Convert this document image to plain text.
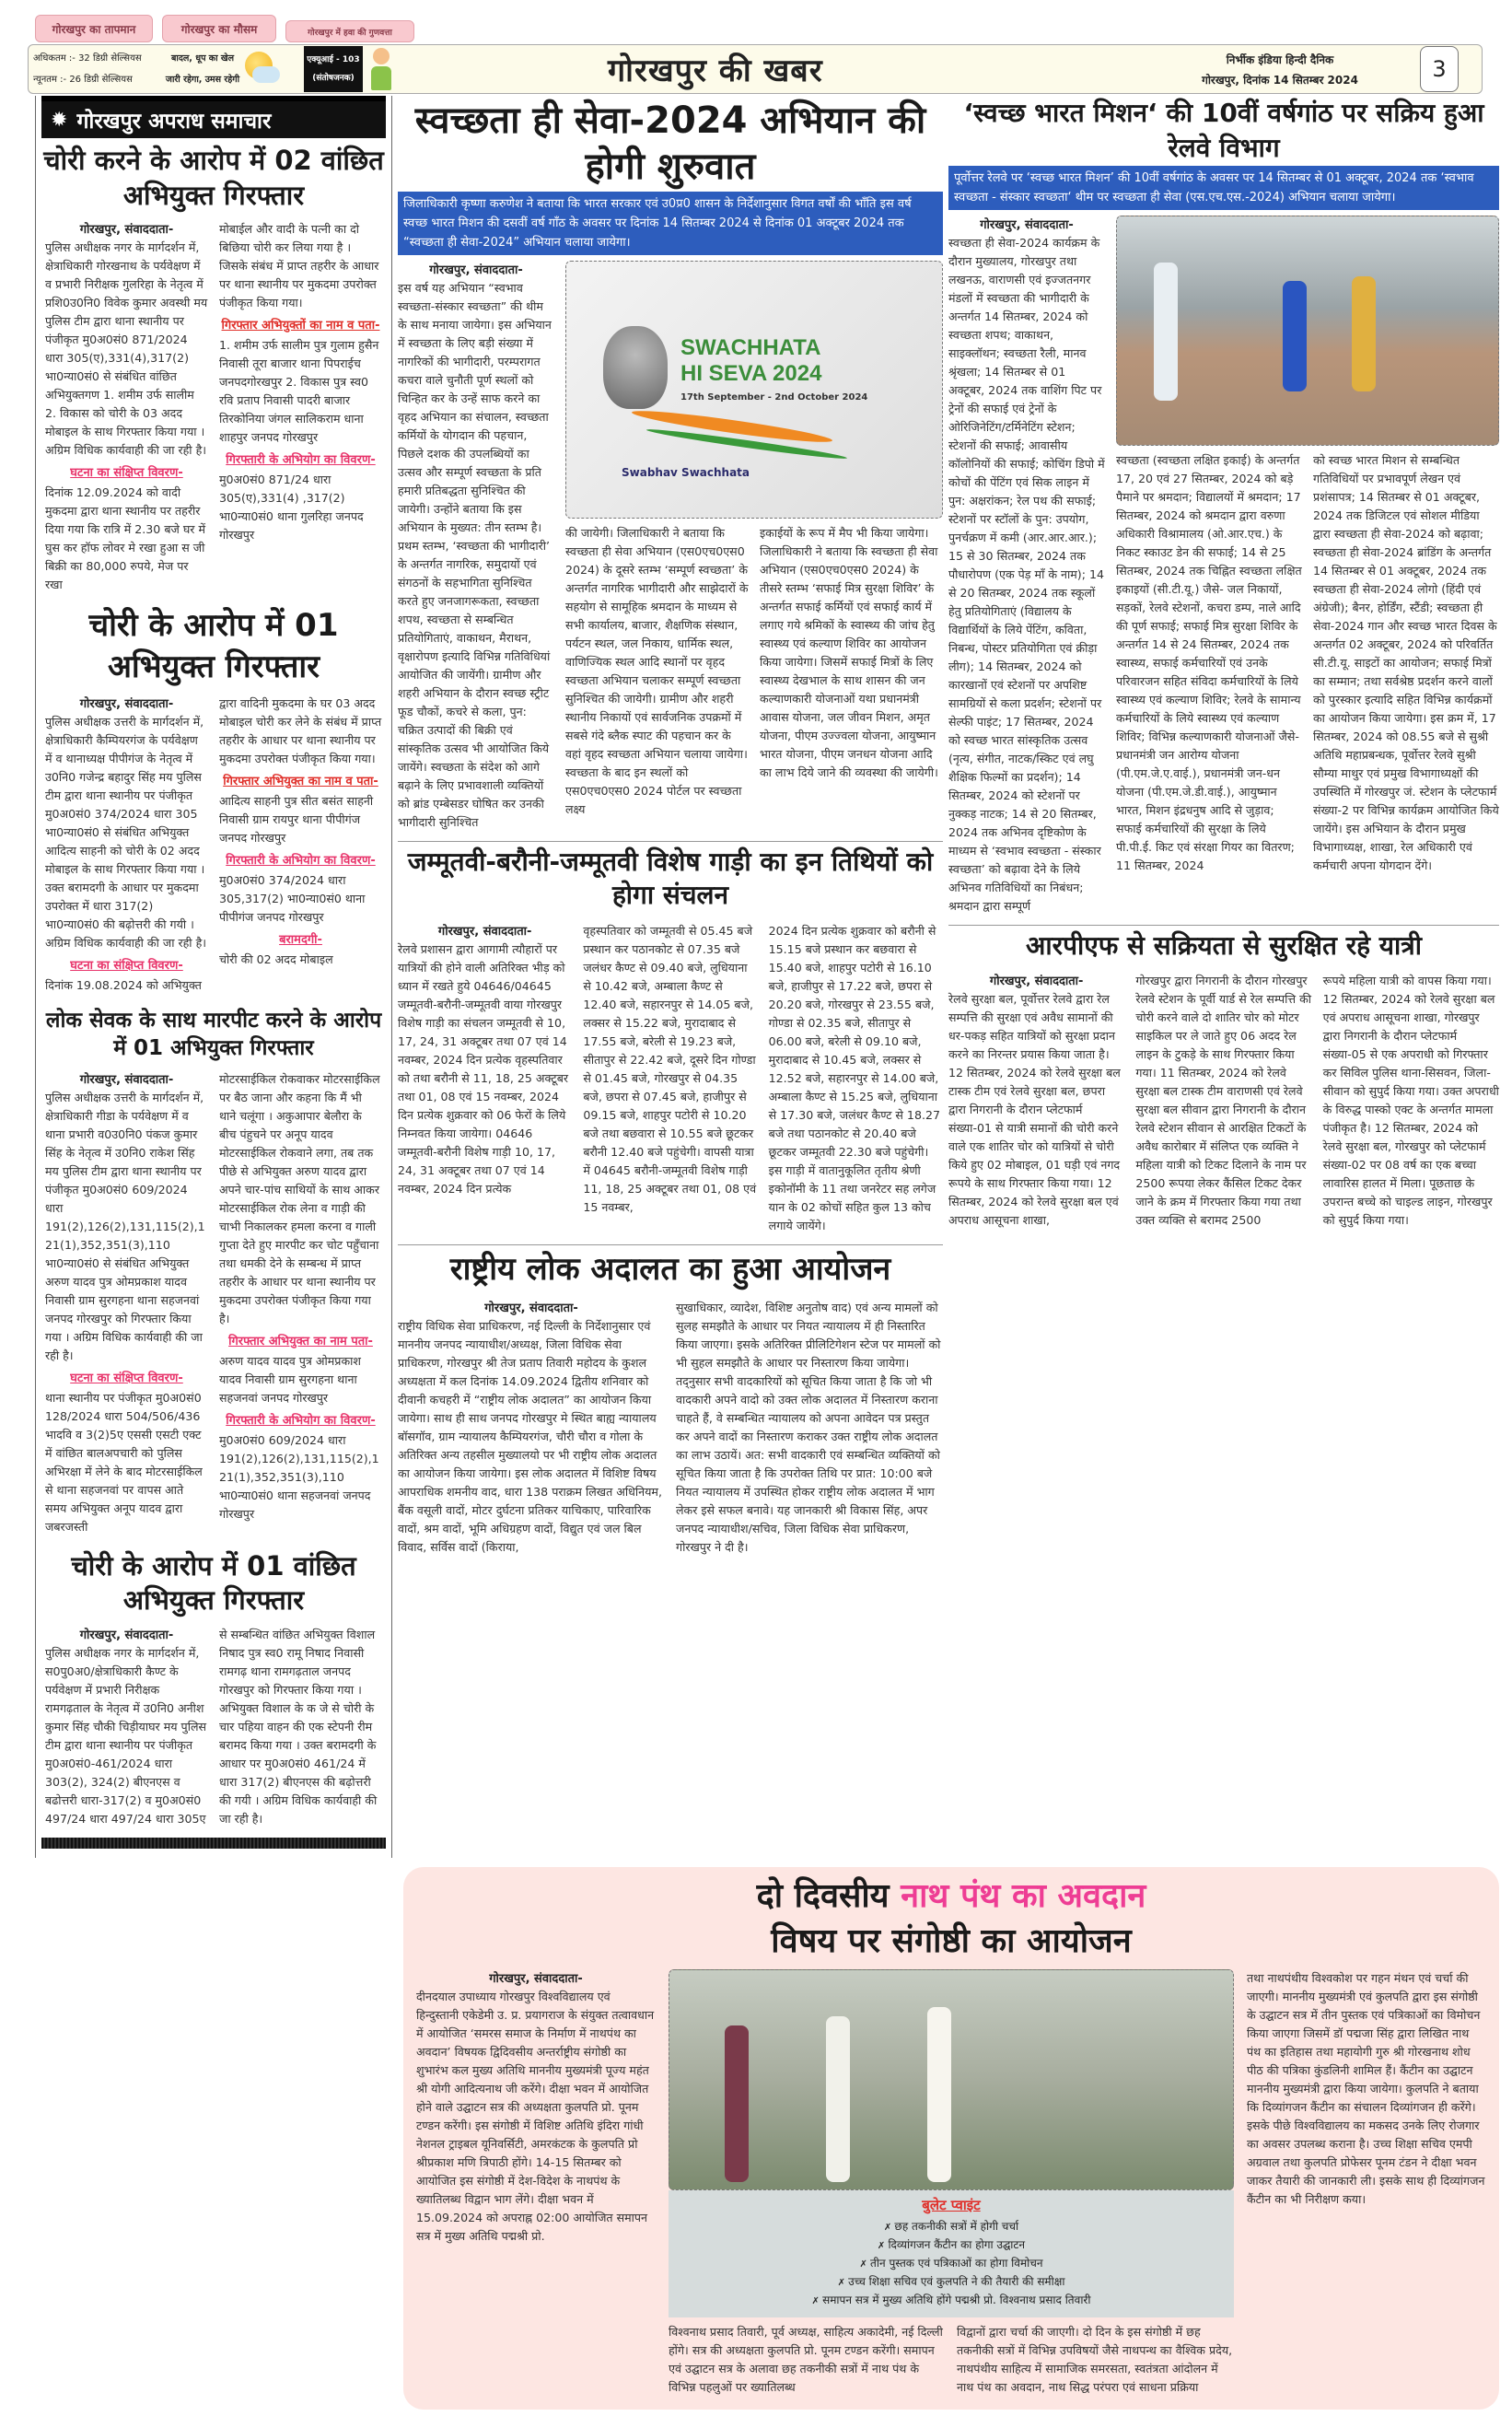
गोरखपुर का तापमान	गोरखपुर का मौसम	गोरखपुर में हवा की गुणवत्ता
अधिकतम :- 32 डिग्री सेल्सियस
न्यूनतम :- 26 डिग्री सेल्सियस
बादल, धूप का खेल जारी रहेगा, उमस रहेगी
एक्यूआई - 103
(संतोषजनक)	गोरखपुर की खबर	निर्भीक इंडिया हिन्दी दैनिक
गोरखपुर, दिनांक 14 सितम्बर 2024	3
✹ गोरखपुर अपराध समाचार
चोरी करने के आरोप में 02 वांछित अभियुक्त गिरफ्तार
गोरखपुर, संवाददाता-

पुलिस अधीक्षक नगर के मार्गदर्शन में, क्षेत्राधिकारी गोरखनाथ के पर्यवेक्षण में व प्रभारी निरीक्षक गुलरिहा के नेतृत्व में प्रशि0उ0नि0 विवेक कुमार अवस्थी मय पुलिस टीम द्वारा थाना स्थानीय पर पंजीकृत मु0अ0सं0 871/2024 धारा 305(ए),331(4),317(2) भा0न्या0सं0 से संबंधित वांछित अभियुक्तगण 1. शमीम उर्फ सालीम 2. विकास को चोरी के 03 अदद मोबाइल के साथ गिरफ्तार किया गया । अग्रिम विधिक कार्यवाही की जा रही है।

घटना का संक्षिप्त विवरण-

दिनांक 12.09.2024 को वादी मुकदमा द्वारा थाना स्थानीय पर तहरीर दिया गया कि रात्रि में 2.30 बजे घर में घुस कर हॉफ लोवर मे रखा हुआ स जी बिक्री का 80,000 रुपये, मेज पर रखा

मोबाईल और वादी के पत्नी का दो बिछिया चोरी कर लिया गया है । जिसके संबंध में प्राप्त तहरीर के आधार पर थाना स्थानीय पर मुकदमा उपरोक्त पंजीकृत किया गया।

गिरफ्तार अभियुक्तों का नाम व पता-

1. शमीम उर्फ सालीम पुत्र गुलाम हुसैन निवासी तूरा बाजार थाना पिपराईच जनपदगोरखपुर 2. विकास पुत्र स्व0 रवि प्रताप निवासी पादरी बाजार तिरकोनिया जंगल सालिकराम धाना शाहपुर जनपद गोरखपुर

गिरफ्तारी के अभियोग का विवरण-

मु0अ0सं0 871/24 धारा 305(ए),331(4) ,317(2) भा0न्या0सं0 थाना गुलरिहा जनपद गोरखपुर

चोरी के आरोप में 01 अभियुक्त गिरफ्तार
गोरखपुर, संवाददाता-

पुलिस अधीक्षक उत्तरी के मार्गदर्शन में, क्षेत्राधिकारी कैम्पियरगंज के पर्यवेक्षण में व थानाध्यक्ष पीपीगंज के नेतृत्व में उ0नि0 गजेन्द्र बहादुर सिंह मय पुलिस टीम द्वारा थाना स्थानीय पर पंजीकृत मु0अ0सं0 374/2024 धारा 305 भा0न्या0सं0 से संबंधित अभियुक्त आदित्य साहनी को चोरी के 02 अदद मोबाइल के साथ गिरफ्तार किया गया । उक्त बरामदगी के आधार पर मुकदमा उपरोक्त में धारा 317(2) भा0न्या0सं0 की बढ़ोत्तरी की गयी । अग्रिम विधिक कार्यवाही की जा रही है।

घटना का संक्षिप्त विवरण-

दिनांक 19.08.2024 को अभियुक्त

द्वारा वादिनी मुकदमा के घर 03 अदद मोबाइल चोरी कर लेने के संबंध में प्राप्त तहरीर के आधार पर थाना स्थानीय पर मुकदमा उपरोक्त पंजीकृत किया गया।

गिरफ्तार अभियुक्त का नाम व पता-

आदित्य साहनी पुत्र सीत बसंत साहनी निवासी ग्राम रायपुर थाना पीपीगंज जनपद गोरखपुर

गिरफ्तारी के अभियोग का विवरण-

मु0अ0सं0 374/2024 धारा 305,317(2) भा0न्या0सं0 थाना पीपीगंज जनपद गोरखपुर

बरामदगी-

चोरी की 02 अदद मोबाइल

लोक सेवक के साथ मारपीट करने के आरोप में 01 अभियुक्त गिरफ्तार
गोरखपुर, संवाददाता-

पुलिस अधीक्षक उत्तरी के मार्गदर्शन में, क्षेत्राधिकारी गीडा के पर्यवेक्षण में व थाना प्रभारी व0उ0नि0 पंकज कुमार सिंह के नेतृत्व में उ0नि0 राकेश सिंह मय पुलिस टीम द्वारा थाना स्थानीय पर पंजीकृत मु0अ0सं0 609/2024 धारा 191(2),126(2),131,115(2),121(1),352,351(3),110 भा0न्या0सं0 से संबंधित अभियुक्त अरुण यादव पुत्र ओमप्रकाश यादव निवासी ग्राम सुरगहना थाना सहजनवां जनपद गोरखपुर को गिरफ्तार किया गया । अग्रिम विधिक कार्यवाही की जा रही है।

घटना का संक्षिप्त विवरण-

थाना स्थानीय पर पंजीकृत मु0अ0सं0 128/2024 धारा 504/506/436 भादवि व 3(2)5ए एससी एसटी एक्ट में वांछित बालअपचारी को पुलिस अभिरक्षा में लेने के बाद मोटरसाईकिल से थाना सहजनवां पर वापस आते समय अभियुक्त अनूप यादव द्वारा जबरजस्ती

मोटरसाईकिल रोकवाकर मोटरसाईकिल पर बैठ जाना और कहना कि मैं भी थाने चलूंगा । अकुआपार बेलौरा के बीच पंहुचने पर अनूप यादव मोटरसाईकिल रोकवाने लगा, तब तक पीछे से अभियुक्त अरुण यादव द्वारा अपने चार-पांच साथियों के साथ आकर मोटरसाईकिल रोक लेना व गाड़ी की चाभी निकालकर हमला करना व गाली गुप्ता देते हुए मारपीट कर चोट पहुँचाना तथा धमकी देने के सम्बन्ध में प्राप्त तहरीर के आधार पर थाना स्थानीय पर मुकदमा उपरोक्त पंजीकृत किया गया है।

गिरफ्तार अभियुक्त का नाम पता-

अरुण यादव यादव पुत्र ओमप्रकाश यादव निवासी ग्राम सुरगहना थाना सहजनवां जनपद गोरखपुर

गिरफ्तारी के अभियोग का विवरण-

मु0अ0सं0 609/2024 धारा 191(2),126(2),131,115(2),121(1),352,351(3),110 भा0न्या0सं0 थाना सहजनवां जनपद गोरखपुर

चोरी के आरोप में 01 वांछित अभियुक्त गिरफ्तार
गोरखपुर, संवाददाता-

पुलिस अधीक्षक नगर के मार्गदर्शन में, स0पु0अ0/क्षेत्राधिकारी कैण्ट के पर्यवेक्षण में प्रभारी निरीक्षक रामगढ़ताल के नेतृत्व में उ0नि0 अनीश कुमार सिंह चौकी चिड़ीयाघर मय पुलिस टीम द्वारा थाना स्थानीय पर पंजीकृत मु0अ0सं0-461/2024 धारा 303(2), 324(2) बीएनएस व बढोत्तरी धारा-317(2) व मु0अ0सं0 497/24 धारा 497/24 धारा 305ए

से सम्बन्धित वांछित अभियुक्त विशाल निषाद पुत्र स्व0 रामू निषाद निवासी रामगढ़ थाना रामगढ़ताल जनपद गोरखपुर को गिरफ्तार किया गया । अभियुक्त विशाल के क जे से चोरी के चार पहिया वाहन की एक स्टेपनी रीम बरामद किया गया । उक्त बरामदगी के आधार पर मु0अ0सं0 461/24 में धारा 317(2) बीएनएस की बढ़ोत्तरी की गयी । अग्रिम विधिक कार्यवाही की जा रही है।

स्वच्छता ही सेवा-2024 अभियान की होगी शुरुवात
जिलाधिकारी कृष्णा करुणेश ने बताया कि भारत सरकार एवं उ0प्र0 शासन के निर्देशानुसार विगत वर्षों की भाँति इस वर्ष स्वच्छ भारत मिशन की दसवीं वर्ष गाँठ के अवसर पर दिनांक 14 सितम्बर 2024 से दिनांक 01 अक्टूबर 2024 तक “स्वच्छता ही सेवा-2024” अभियान चलाया जायेगा।
गोरखपुर, संवाददाता-

इस वर्ष यह अभियान “स्वभाव स्वच्छता-संस्कार स्वच्छता” की थीम के साथ मनाया जायेगा। इस अभियान में स्वच्छता के लिए बड़ी संख्या में नागरिकों की भागीदारी, परम्परागत कचरा वाले चुनौती पूर्ण स्थलों को चिन्हित कर के उन्हें साफ करने का वृहद अभियान का संचालन, स्वच्छता कर्मियों के योगदान की पहचान, पिछले दशक की उपलब्धियों का उत्सव और सम्पूर्ण स्वच्छता के प्रति हमारी प्रतिबद्धता सुनिश्चित की जायेगी। उन्होंने बताया कि इस अभियान के मुख्यत: तीन स्तम्भ है। प्रथम स्तम्भ, ‘स्वच्छता की भागीदारी’ के अन्तर्गत नागरिक, समुदायों एवं संगठनों के सहभागिता सुनिश्चित करते हुए जनजागरूकता, स्वच्छता शपथ, स्वच्छता से सम्बन्धित प्रतियोगिताएं, वाकाथन, मैराथन, वृक्षारोपण इत्यादि विभिन्न गतिविधियां आयोजित की जायेंगी। ग्रामीण और शहरी अभियान के दौरान स्वच्छ स्ट्रीट फूड चौकों, कचरे से कला, पुन: चक्रित उत्पादों की बिक्री एवं सांस्कृतिक उत्सव भी आयोजित किये जायेंगे। स्वच्छता के संदेश को आगे बढ़ाने के लिए प्रभावशाली व्यक्तियों को ब्रांड एम्बेसडर घोषित कर उनकी भागीदारी सुनिश्चित

SWACHHATA
HI SEVA 2024
17th September - 2nd October 2024
Swabhav Swachhata

की जायेगी। जिलाधिकारी ने बताया कि स्वच्छता ही सेवा अभियान (एस0एच0एस0 2024) के दूसरे स्तम्भ ‘सम्पूर्ण स्वच्छता’ के अन्तर्गत नागरिक भागीदारी और साझेदारों के सहयोग से सामूहिक श्रमदान के माध्यम से सभी कार्यालय, बाजार, शैक्षणिक संस्थान, पर्यटन स्थल, जल निकाय, धार्मिक स्थल, वाणिज्यिक स्थल आदि स्थानों पर वृहद स्वच्छता अभियान चलाकर सम्पूर्ण स्वच्छता सुनिश्चित की जायेगी। ग्रामीण और शहरी स्थानीय निकायों एवं सार्वजनिक उपक्रमों में सबसे गंदे ब्लैक स्पाट की पहचान कर के वहां वृहद स्वच्छता अभियान चलाया जायेगा। स्वच्छता के बाद इन स्थलों को एस0एच0एस0 2024 पोर्टल पर स्वच्छता लक्ष्य

इकाईयों के रूप में मैप भी किया जायेगा। जिलाधिकारी ने बताया कि स्वच्छता ही सेवा अभियान (एस0एच0एस0 2024) के तीसरे स्तम्भ ‘सफाई मित्र सुरक्षा शिविर’ के अन्तर्गत सफाई कर्मियों एवं सफाई कार्य में लगाए गये श्रमिकों के स्वास्थ्य की जांच हेतु स्वास्थ्य एवं कल्याण शिविर का आयोजन किया जायेगा। जिसमें सफाई मित्रों के लिए स्वास्थ्य देखभाल के साथ शासन की जन कल्याणकारी योजनाओं यथा प्रधानमंत्री आवास योजना, जल जीवन मिशन, अमृत योजना, पीएम उज्ज्वला योजना, आयुष्मान भारत योजना, पीएम जनधन योजना आदि का लाभ दिये जाने की व्यवस्था की जायेगी।

जम्मूतवी-बरौनी-जम्मूतवी विशेष गाड़ी का इन तिथियों को होगा संचलन
गोरखपुर, संवाददाता-

रेलवे प्रशासन द्वारा आगामी त्यौहारों पर यात्रियों की होने वाली अतिरिक्त भीड़ को ध्यान में रखते हुये 04646/04645 जम्मूतवी-बरौनी-जम्मूतवी वाया गोरखपुर विशेष गाड़ी का संचलन जम्मूतवी से 10, 17, 24, 31 अक्टूबर तथा 07 एवं 14 नवम्बर, 2024 दिन प्रत्येक वृहस्पतिवार को तथा बरौनी से 11, 18, 25 अक्टूबर तथा 01, 08 एवं 15 नवम्बर, 2024 दिन प्रत्येक शुक्रवार को 06 फेरों के लिये निम्नवत किया जायेगा। 04646 जम्मूतवी-बरौनी विशेष गाड़ी 10, 17, 24, 31 अक्टूबर तथा 07 एवं 14 नवम्बर, 2024 दिन प्रत्येक

वृहस्पतिवार को जम्मूतवी से 05.45 बजे प्रस्थान कर पठानकोट से 07.35 बजे जलंधर कैण्ट से 09.40 बजे, लुधियाना से 10.42 बजे, अम्बाला कैण्ट से 12.40 बजे, सहारनपुर से 14.05 बजे, लक्सर से 15.22 बजे, मुरादाबाद से 17.55 बजे, बरेली से 19.23 बजे, सीतापुर से 22.42 बजे, दूसरे दिन गोण्डा से 01.45 बजे, गोरखपुर से 04.35 बजे, छपरा से 07.45 बजे, हाजीपुर से 09.15 बजे, शाहपुर पटोरी से 10.20 बजे तथा बछवारा से 10.55 बजे छूटकर बरौनी 12.40 बजे पहुंचेगी। वापसी यात्रा में 04645 बरौनी-जम्मूतवी विशेष गाड़ी 11, 18, 25 अक्टूबर तथा 01, 08 एवं 15 नवम्बर,

2024 दिन प्रत्येक शुक्रवार को बरौनी से 15.15 बजे प्रस्थान कर बछवारा से 15.40 बजे, शाहपुर पटोरी से 16.10 बजे, हाजीपुर से 17.22 बजे, छपरा से 20.20 बजे, गोरखपुर से 23.55 बजे, गोण्डा से 02.35 बजे, सीतापुर से 06.00 बजे, बरेली से 09.10 बजे, मुरादाबाद से 10.45 बजे, लक्सर से 12.52 बजे, सहारनपुर से 14.00 बजे, अम्बाला कैण्ट से 15.25 बजे, लुधियाना से 17.30 बजे, जलंधर कैण्ट से 18.27 बजे तथा पठानकोट से 20.40 बजे छूटकर जम्मूतवी 22.30 बजे पहुंचेगी। इस गाड़ी में वातानुकूलित तृतीय श्रेणी इकोनॉमी के 11 तथा जनरेटर सह लगेज यान के 02 कोचों सहित कुल 13 कोच लगाये जायेंगे।

राष्ट्रीय लोक अदालत का हुआ आयोजन
गोरखपुर, संवाददाता-

राष्ट्रीय विधिक सेवा प्राधिकरण, नई दिल्ली के निर्देशानुसार एवं माननीय जनपद न्यायाधीश/अध्यक्ष, जिला विधिक सेवा प्राधिकरण, गोरखपुर श्री तेज प्रताप तिवारी महोदय के कुशल अध्यक्षता में कल दिनांक 14.09.2024 द्वितीय शनिवार को दीवानी कचहरी में “राष्ट्रीय लोक अदालत” का आयोजन किया जायेगा। साथ ही साथ जनपद गोरखपुर मे स्थित बाह्य न्यायालय बॉसगॉव, ग्राम न्यायालय कैम्पियरगंज, चौरी चौरा व गोला के अतिरिक्त अन्य तहसील मुख्यालयो पर भी राष्ट्रीय लोक अदालत का आयोजन किया जायेगा। इस लोक अदालत में विशिष्ट विषय आपराधिक शमनीय वाद, धारा 138 पराक्रम लिखत अधिनियम, बैंक वसूली वादों, मोटर दुर्घटना प्रतिकर याचिकाए, पारिवारिक वादों, श्रम वादों, भूमि अधिग्रहण वादों, विद्युत एवं जल बिल विवाद, सर्विस वादों (किराया,

सुखाधिकार, व्यादेश, विशिष्ट अनुतोष वाद) एवं अन्य मामलों को सुलह समझौते के आधार पर नियत न्यायालय में ही निस्तारित किया जाएगा। इसके अतिरिक्त प्रीलिटिगेशन स्टेज पर मामलों को भी सुहल समझौते के आधार पर निस्तारण किया जायेगा। तद्नुसार सभी वादकारियों को सूचित किया जाता है कि जो भी वादकारी अपने वादो को उक्त लोक अदालत में निस्तारण कराना चाहते हैं, वे सम्बन्धित न्यायालय को अपना आवेदन पत्र प्रस्तुत कर अपने वादों का निस्तारण कराकर उक्त राष्ट्रीय लोक अदालत का लाभ उठायें। अत: सभी वादकारी एवं सम्बन्धित व्यक्तियों को सूचित किया जाता है कि उपरोक्त तिथि पर प्रात: 10:00 बजे नियत न्यायालय में उपस्थित होकर राष्ट्रीय लोक अदालत में भाग लेकर इसे सफल बनावे। यह जानकारी श्री विकास सिंह, अपर जनपद न्यायाधीश/सचिव, जिला विधिक सेवा प्राधिकरण, गोरखपुर ने दी है।

‘स्वच्छ भारत मिशन‘ की 10वीं वर्षगांठ पर सक्रिय हुआ रेलवे विभाग
पूर्वोत्तर रेलवे पर ‘स्वच्छ भारत मिशन’ की 10वीं वर्षगांठ के अवसर पर 14 सितम्बर से 01 अक्टूबर, 2024 तक ‘स्वभाव स्वच्छता - संस्कार स्वच्छता‘ थीम पर स्वच्छता ही सेवा (एस.एच.एस.-2024) अभियान चलाया जायेगा।
गोरखपुर, संवाददाता-

स्वच्छता ही सेवा-2024 कार्यक्रम के दौरान मुख्यालय, गोरखपुर तथा लखनऊ, वाराणसी एवं इज्जतनगर मंडलों में स्वच्छता की भागीदारी के अन्तर्गत 14 सितम्बर, 2024 को स्वच्छता शपथ; वाकाथन, साइक्लॉथन; स्वच्छता रैली, मानव श्रृंखला; 14 सितम्बर से 01 अक्टूबर, 2024 तक वाशिंग पिट पर ट्रेनों की सफाई एवं ट्रेनों के ओरिजिनेटिंग/टर्मिनेटिंग स्टेशन; स्टेशनों की सफाई; आवासीय कॉलोनियों की सफाई; कोचिंग डिपो में कोचों की पेंटिंग एवं सिक लाइन में पुन: अक्षरांकन; रेल पथ की सफाई; स्टेशनों पर स्टॉलों के पुन: उपयोग, पुनर्चक्रण में कमी (आर.आर.आर.); 15 से 30 सितम्बर, 2024 तक पौधारोपण (एक पेड़ माँ के नाम); 14 से 20 सितम्बर, 2024 तक स्कूलों हेतु प्रतियोगिताएं (विद्यालय के विद्यार्थियों के लिये पेंटिंग, कविता, निबन्ध, पोस्टर प्रतियोगिता एवं क्रीड़ा लीग); 14 सितम्बर, 2024 को कारखानों एवं स्टेशनों पर अपशिष्ट सामग्रियों से कला प्रदर्शन; स्टेशनों पर सेल्फी पाइंट; 17 सितम्बर, 2024 को स्वच्छ भारत सांस्कृतिक उत्सव (नृत्य, संगीत, नाटक/स्किट एवं लघु शैक्षिक फिल्मों का प्रदर्शन); 14 सितम्बर, 2024 को स्टेशनों पर नुक्कड़ नाटक; 14 से 20 सितम्बर, 2024 तक अभिनव दृष्टिकोण के माध्यम से ‘स्वभाव स्वच्छता - संस्कार स्वच्छता’ को बढ़ावा देने के लिये अभिनव गतिविधियों का निबंधन; श्रमदान द्वारा सम्पूर्ण

स्वच्छता (स्वच्छता लक्षित इकाई) के अन्तर्गत 17, 20 एवं 27 सितम्बर, 2024 को बड़े पैमाने पर श्रमदान; विद्यालयों में श्रमदान; 17 सितम्बर, 2024 को श्रमदान द्वारा वरुणा अधिकारी विश्रामालय (ओ.आर.एच.) के निकट स्काउट डेन की सफाई; 14 से 25 सितम्बर, 2024 तक चिह्नित स्वच्छता लक्षित इकाइयों (सी.टी.यू.) जैसे- जल निकायों, सड़कों, रेलवे स्टेशनों, कचरा डम्प, नाले आदि की पूर्ण सफाई; सफाई मित्र सुरक्षा शिविर के अन्तर्गत 14 से 24 सितम्बर, 2024 तक स्वास्थ्य, सफाई कर्मचारियों एवं उनके परिवारजन सहित संविदा कर्मचारियों के लिये स्वास्थ्य एवं कल्याण शिविर; रेलवे के सामान्य कर्मचारियों के लिये स्वास्थ्य एवं कल्याण शिविर; विभिन्न कल्याणकारी योजनाओं जैसे- प्रधानमंत्री जन आरोग्य योजना (पी.एम.जे.ए.वाई.), प्रधानमंत्री जन-धन योजना (पी.एम.जे.डी.वाई.), आयुष्मान भारत, मिशन इंद्रधनुष आदि से जुड़ाव; सफाई कर्मचारियों की सुरक्षा के लिये पी.पी.ई. किट एवं संरक्षा गियर का वितरण; 11 सितम्बर, 2024

को स्वच्छ भारत मिशन से सम्बन्धित गतिविधियों पर प्रभावपूर्ण लेखन एवं प्रशंसापत्र; 14 सितम्बर से 01 अक्टूबर, 2024 तक डिजिटल एवं सोशल मीडिया द्वारा स्वच्छता ही सेवा-2024 को बढ़ावा; स्वच्छता ही सेवा-2024 ब्रांडिंग के अन्तर्गत 14 सितम्बर से 01 अक्टूबर, 2024 तक स्वच्छता ही सेवा-2024 लोगो (हिंदी एवं अंग्रेजी); बैनर, होर्डिंग, स्टैंडी; स्वच्छता ही सेवा-2024 गान और स्वच्छ भारत दिवस के अन्तर्गत 02 अक्टूबर, 2024 को परिवर्तित सी.टी.यू. साइटों का आयोजन; सफाई मित्रों का सम्मान; तथा सर्वश्रेष्ठ प्रदर्शन करने वालों को पुरस्कार इत्यादि सहित विभिन्न कार्यक्रमों का आयोजन किया जायेगा। इस क्रम में, 17 सितम्बर, 2024 को 08.55 बजे से सुश्री अतिथि महाप्रबन्धक, पूर्वोत्तर रेलवे सुश्री सौम्या माथुर एवं प्रमुख विभागाध्यक्षों की उपस्थिति में गोरखपुर जं. स्टेशन के प्लेटफार्म संख्या-2 पर विभिन्न कार्यक्रम आयोजित किये जायेंगे। इस अभियान के दौरान प्रमुख विभागाध्यक्ष, शाखा, रेल अधिकारी एवं कर्मचारी अपना योगदान देंगे।

आरपीएफ से सक्रियता से सुरक्षित रहे यात्री
गोरखपुर, संवाददाता-

रेलवे सुरक्षा बल, पूर्वोत्तर रेलवे द्वारा रेल सम्पत्ति की सुरक्षा एवं अवैध सामानों की धर-पकड़ सहित यात्रियों को सुरक्षा प्रदान करने का निरन्तर प्रयास किया जाता है। 12 सितम्बर, 2024 को रेलवे सुरक्षा बल टास्क टीम एवं रेलवे सुरक्षा बल, छपरा द्वारा निगरानी के दौरान प्लेटफार्म संख्या-01 से यात्री समानों की चोरी करने वाले एक शातिर चोर को यात्रियों से चोरी किये हुए 02 मोबाइल, 01 घड़ी एवं नगद रूपये के साथ गिरफ्तार किया गया। 12 सितम्बर, 2024 को रेलवे सुरक्षा बल एवं अपराध आसूचना शाखा,

गोरखपुर द्वारा निगरानी के दौरान गोरखपुर रेलवे स्टेशन के पूर्वी यार्ड से रेल सम्पत्ति की चोरी करने वाले दो शातिर चोर को मोटर साइकिल पर ले जाते हुए 06 अदद रेल लाइन के टुकड़े के साथ गिरफ्तार किया गया। 11 सितम्बर, 2024 को रेलवे सुरक्षा बल टास्क टीम वाराणसी एवं रेलवे सुरक्षा बल सीवान द्वारा निगरानी के दौरान रेलवे स्टेशन सीवान से आरक्षित टिकटों के अवैध कारोबार में संलिप्त एक व्यक्ति ने महिला यात्री को टिकट दिलाने के नाम पर 2500 रूपया लेकर कैंसिल टिकट देकर जाने के क्रम में गिरफ्तार किया गया तथा उक्त व्यक्ति से बरामद 2500

रूपये महिला यात्री को वापस किया गया। 12 सितम्बर, 2024 को रेलवे सुरक्षा बल एवं अपराध आसूचना शाखा, गोरखपुर द्वारा निगरानी के दौरान प्लेटफार्म संख्या-05 से एक अपराधी को गिरफ्तार कर सिविल पुलिस थाना-सिसवन, जिला-सीवान को सुपुर्द किया गया। उक्त अपराधी के विरुद्ध पास्को एक्ट के अन्तर्गत मामला पंजीकृत है। 12 सितम्बर, 2024 को रेलवे सुरक्षा बल, गोरखपुर को प्लेटफार्म संख्या-02 पर 08 वर्ष का एक बच्चा लावारिस हालत में मिला। पूछताछ के उपरान्त बच्चे को चाइल्ड लाइन, गोरखपुर को सुपुर्द किया गया।

दो दिवसीय नाथ पंथ का अवदान
विषय पर संगोष्ठी का आयोजन
गोरखपुर, संवाददाता-

दीनदयाल उपाध्याय गोरखपुर विश्वविद्यालय एवं हिन्दुस्तानी एकेडेमी उ. प्र. प्रयागराज के संयुक्त तत्वावधान में आयोजित ‘समरस समाज के निर्माण में नाथपंथ का अवदान’ विषयक द्विदिवसीय अन्तर्राष्ट्रीय संगोष्ठी का शुभारंभ कल मुख्य अतिथि माननीय मुख्यमंत्री पूज्य महंत श्री योगी आदित्यनाथ जी करेंगे। दीक्षा भवन में आयोजित होने वाले उद्घाटन सत्र की अध्यक्षता कुलपति प्रो. पूनम टण्डन करेंगी। इस संगोष्ठी में विशिष्ट अतिथि इंदिरा गांधी नेशनल ट्राइबल यूनिवर्सिटी, अमरकंटक के कुलपति प्रो श्रीप्रकाश मणि त्रिपाठी होंगे। 14-15 सितम्बर को आयोजित इस संगोष्ठी में देश-विदेश के नाथपंथ के ख्यातिलब्ध विद्वान भाग लेंगे। दीक्षा भवन में 15.09.2024 को अपराह्न 02:00 आयोजित समापन सत्र में मुख्य अतिथि पद्मश्री प्रो.

बुलेट प्वाइंट
✗ छह तकनीकी सत्रों में होगी चर्चा
✗ दिव्यांगजन कैंटीन का होगा उद्घाटन
✗ तीन पुस्तक एवं पत्रिकाओं का होगा विमोचन
✗ उच्च शिक्षा सचिव एवं कुलपति ने की तैयारी की समीक्षा
✗ समापन सत्र में मुख्य अतिथि होंगे पद्मश्री प्रो. विश्वनाथ प्रसाद तिवारी

विश्वनाथ प्रसाद तिवारी, पूर्व अध्यक्ष, साहित्य अकादेमी, नई दिल्ली होंगे। सत्र की अध्यक्षता कुलपति प्रो. पूनम टण्डन करेंगी। समापन एवं उद्घाटन सत्र के अलावा छह तकनीकी सत्रों में नाथ पंथ के विभिन्न पहलुओं पर ख्यातिलब्ध

विद्वानों द्वारा चर्चा की जाएगी। दो दिन के इस संगोष्ठी में छह तकनीकी सत्रों में विभिन्न उपविषयों जैसे नाथपन्थ का वैश्विक प्रदेय, नाथपंथीय साहित्य में सामाजिक समरसता, स्वतंत्रता आंदोलन में नाथ पंथ का अवदान, नाथ सिद्ध परंपरा एवं साधना प्रक्रिया

तथा नाथपंथीय विश्वकोश पर गहन मंथन एवं चर्चा की जाएगी। माननीय मुख्यमंत्री एवं कुलपति द्वारा इस संगोष्ठी के उद्घाटन सत्र में तीन पुस्तक एवं पत्रिकाओं का विमोचन किया जाएगा जिसमें डॉ पद्मजा सिंह द्वारा लिखित नाथ पंथ का इतिहास तथा महायोगी गुरु श्री गोरखनाथ शोध पीठ की पत्रिका कुंडलिनी शामिल हैं। कैंटीन का उद्घाटन माननीय मुख्यमंत्री द्वारा किया जायेगा। कुलपति ने बताया कि दिव्यांगजन कैंटीन का संचालन दिव्यांगजन ही करेंगे। इसके पीछे विश्वविद्यालय का मकसद उनके लिए रोजगार का अवसर उपलब्ध कराना है। उच्च शिक्षा सचिव एमपी अग्रवाल तथा कुलपति प्रोफेसर पूनम टंडन ने दीक्षा भवन जाकर तैयारी की जानकारी ली। इसके साथ ही दिव्यांगजन कैंटीन का भी निरीक्षण कया।
